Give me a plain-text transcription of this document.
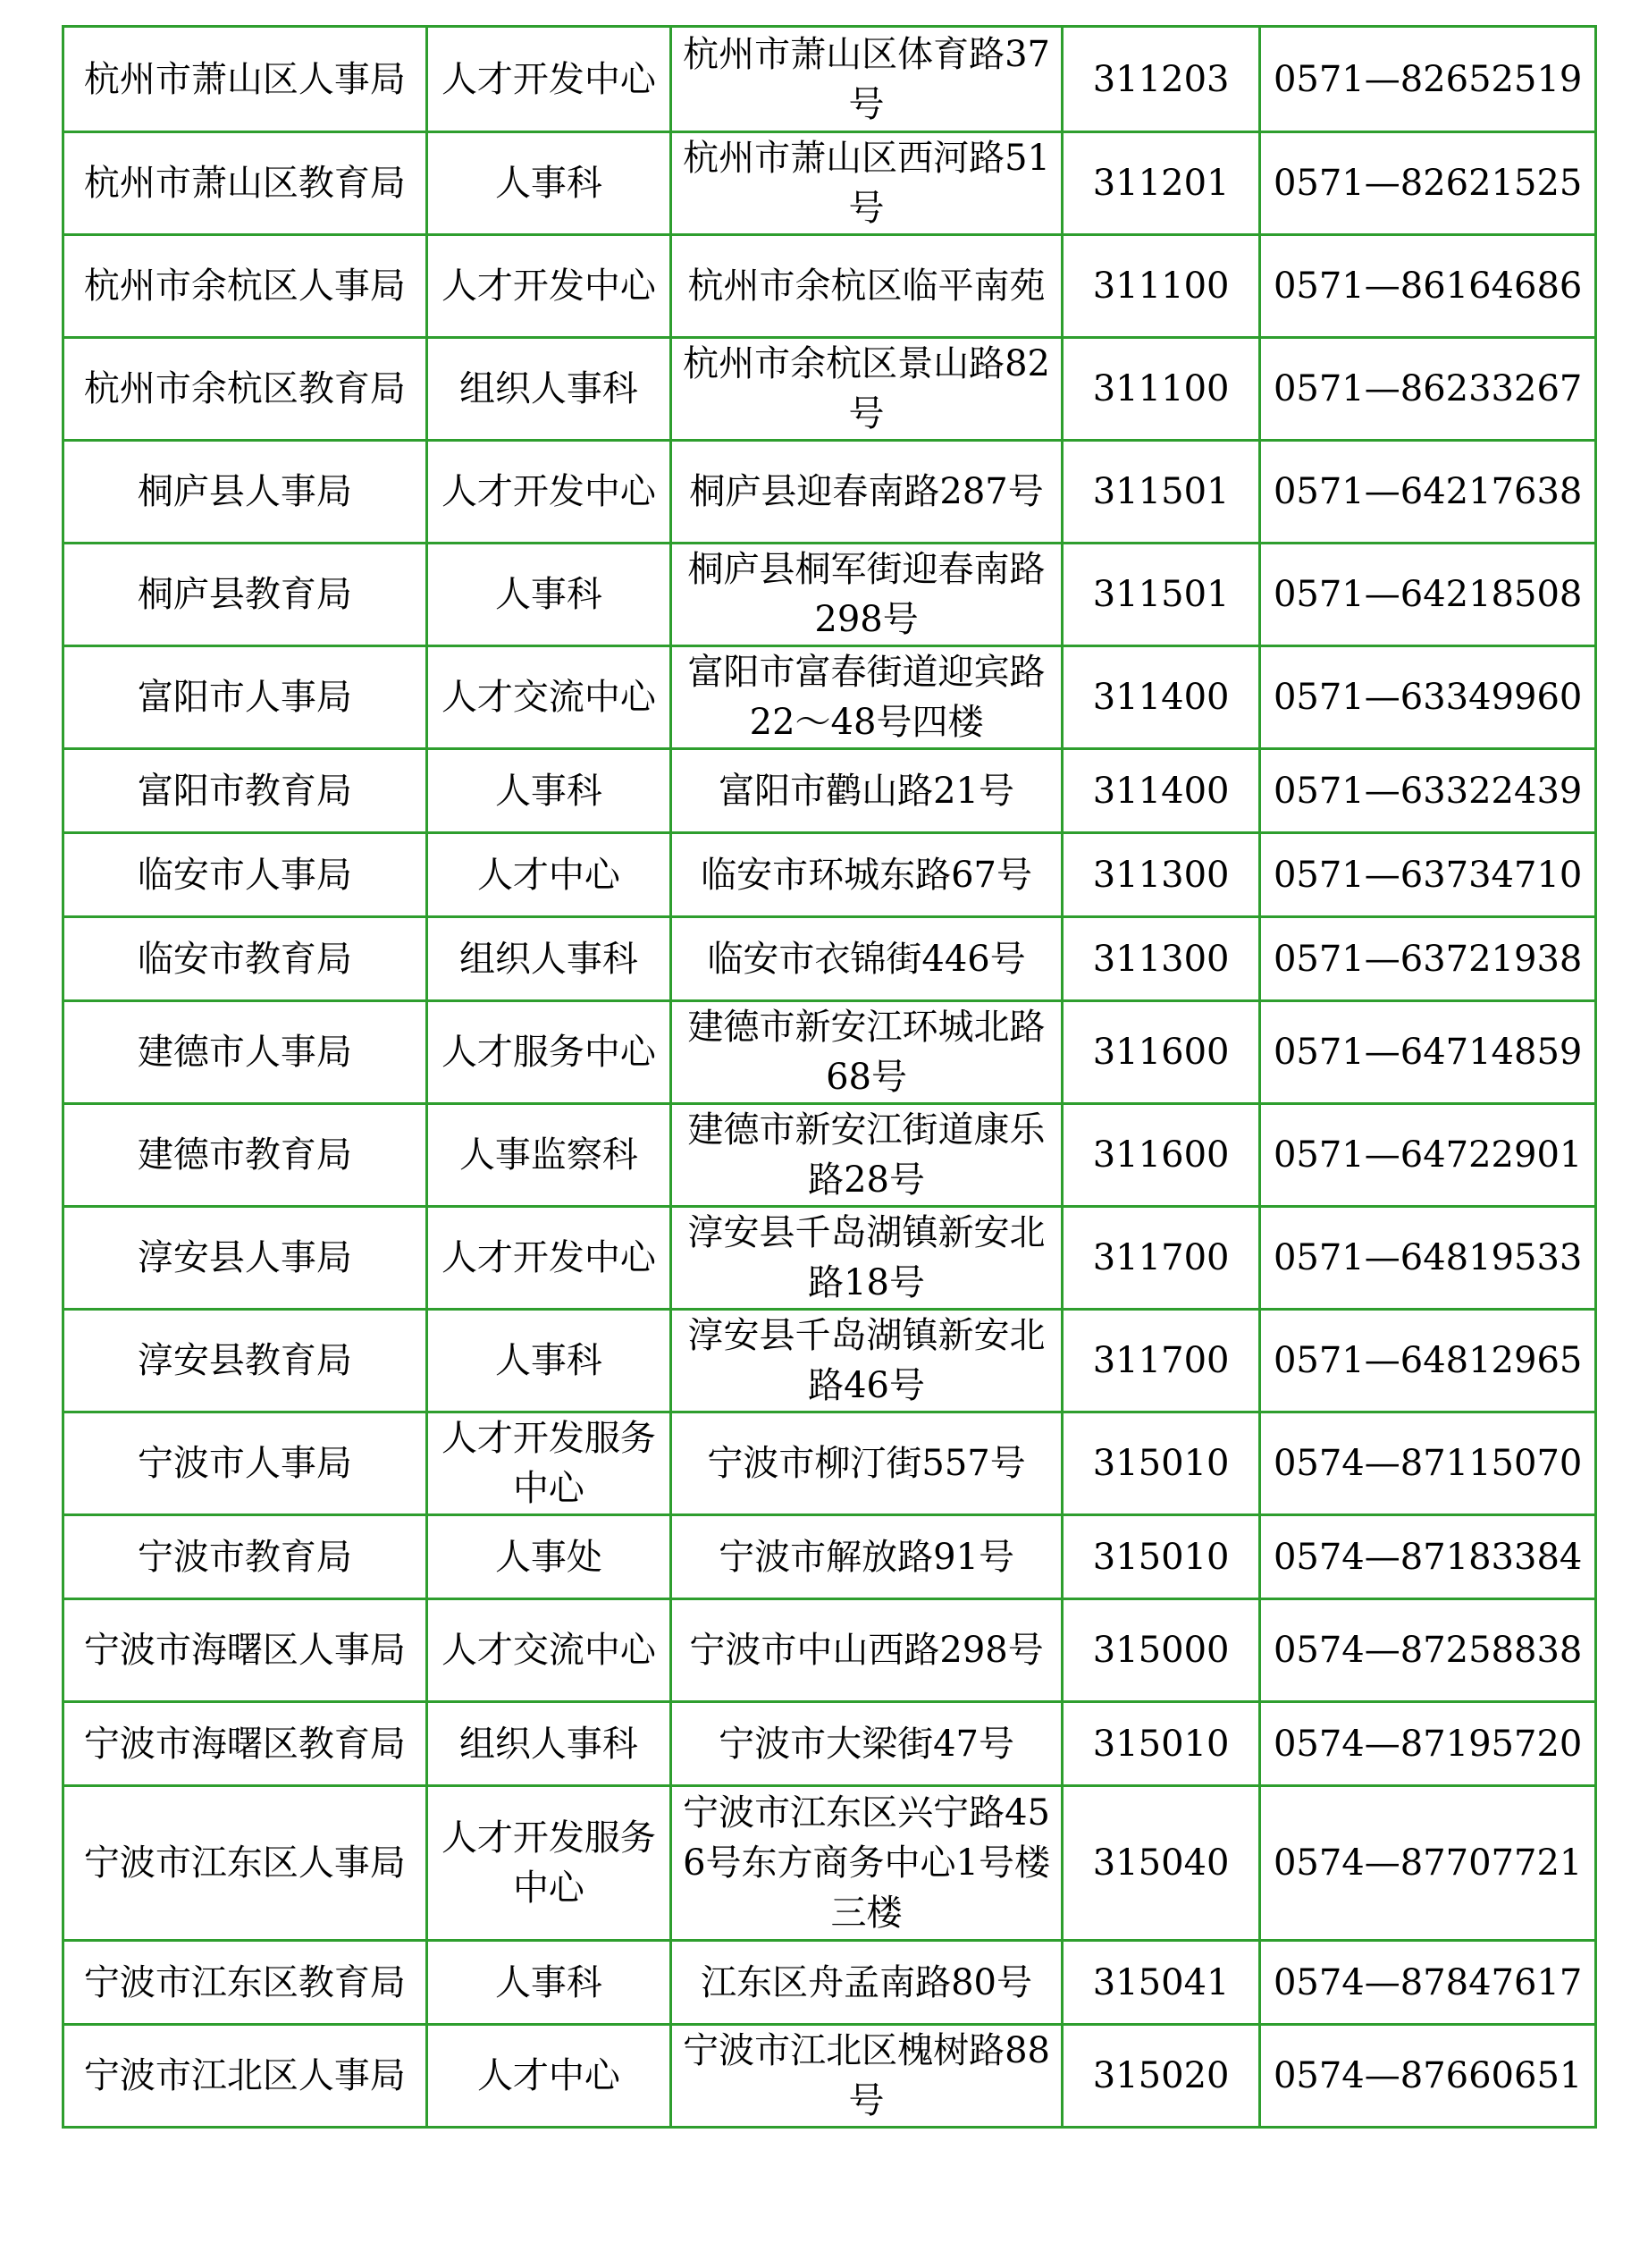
杭州市萧山区人事局	人才开发中心	杭州市萧山区体育路37号	311203	0571—82652519
杭州市萧山区教育局	人事科	杭州市萧山区西河路51号	311201	0571—82621525
杭州市余杭区人事局	人才开发中心	杭州市余杭区临平南苑	311100	0571—86164686
杭州市余杭区教育局	组织人事科	杭州市余杭区景山路82号	311100	0571—86233267
桐庐县人事局	人才开发中心	桐庐县迎春南路287号	311501	0571—64217638
桐庐县教育局	人事科	桐庐县桐军街迎春南路298号	311501	0571—64218508
富阳市人事局	人才交流中心	富阳市富春街道迎宾路22～48号四楼	311400	0571—63349960
富阳市教育局	人事科	富阳市鹳山路21号	311400	0571—63322439
临安市人事局	人才中心	临安市环城东路67号	311300	0571—63734710
临安市教育局	组织人事科	临安市衣锦街446号	311300	0571—63721938
建德市人事局	人才服务中心	建德市新安江环城北路68号	311600	0571—64714859
建德市教育局	人事监察科	建德市新安江街道康乐路28号	311600	0571—64722901
淳安县人事局	人才开发中心	淳安县千岛湖镇新安北路18号	311700	0571—64819533
淳安县教育局	人事科	淳安县千岛湖镇新安北路46号	311700	0571—64812965
宁波市人事局	人才开发服务中心	宁波市柳汀街557号	315010	0574—87115070
宁波市教育局	人事处	宁波市解放路91号	315010	0574—87183384
宁波市海曙区人事局	人才交流中心	宁波市中山西路298号	315000	0574—87258838
宁波市海曙区教育局	组织人事科	宁波市大梁街47号	315010	0574—87195720
宁波市江东区人事局	人才开发服务中心	宁波市江东区兴宁路456号东方商务中心1号楼三楼	315040	0574—87707721
宁波市江东区教育局	人事科	江东区舟孟南路80号	315041	0574—87847617
宁波市江北区人事局	人才中心	宁波市江北区槐树路88号	315020	0574—87660651
